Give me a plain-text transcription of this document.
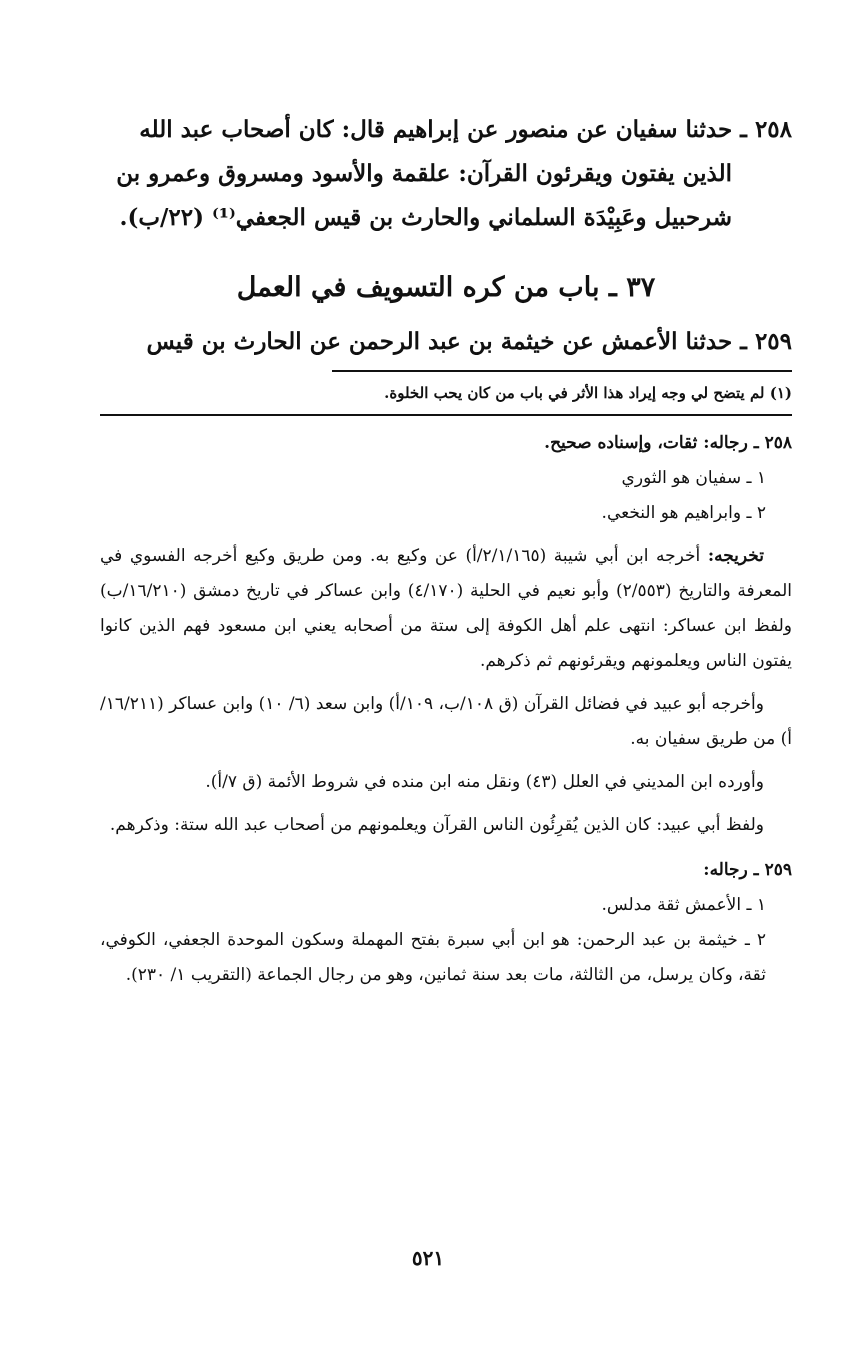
٢٥٨ ـ حدثنا سفيان عن منصور عن إبراهيم قال: كان أصحاب عبد الله

الذين يفتون ويقرئون القرآن: علقمة والأسود ومسروق وعمرو بن

شرحبيل وعَبِيْدَة السلماني والحارث بن قيس الجعفي⁽¹⁾ (٢٢/ب).

٣٧ ـ باب من كره التسويف في العمل

٢٥٩ ـ حدثنا الأعمش عن خيثمة بن عبد الرحمن عن الحارث بن قيس

(١) لم يتضح لي وجه إيراد هذا الأثر في باب من كان يحب الخلوة.

٢٥٨ ـ رجاله: ثقات، وإسناده صحيح.

١ ـ سفيان هو الثوري

٢ ـ وابراهيم هو النخعي.

تخريجه: أخرجه ابن أبي شيبة (٢/١/١٦٥/أ) عن وكيع به. ومن طريق وكيع أخرجه الفسوي في المعرفة والتاريخ (٢/٥٥٣) وأبو نعيم في الحلية (٤/١٧٠) وابن عساكر في تاريخ دمشق (١٦/٢١٠/ب) ولفظ ابن عساكر: انتهى علم أهل الكوفة إلى ستة من أصحابه يعني ابن مسعود فهم الذين كانوا يفتون الناس ويعلمونهم ويقرئونهم ثم ذكرهم.

وأخرجه أبو عبيد في فضائل القرآن (ق ١٠٨/ب، ١٠٩/أ) وابن سعد (٦/ ١٠) وابن عساكر (١٦/٢١١/أ) من طريق سفيان به.

وأورده ابن المديني في العلل (٤٣) ونقل منه ابن منده في شروط الأئمة (ق ٧/أ).

ولفظ أبي عبيد: كان الذين يُقرِئُون الناس القرآن ويعلمونهم من أصحاب عبد الله ستة: وذكرهم.

٢٥٩ ـ رجاله:

١ ـ الأعمش ثقة مدلس.

٢ ـ خيثمة بن عبد الرحمن: هو ابن أبي سبرة بفتح المهملة وسكون الموحدة الجعفي، الكوفي، ثقة، وكان يرسل، من الثالثة، مات بعد سنة ثمانين، وهو من رجال الجماعة (التقريب ١/ ٢٣٠).

٥٢١
